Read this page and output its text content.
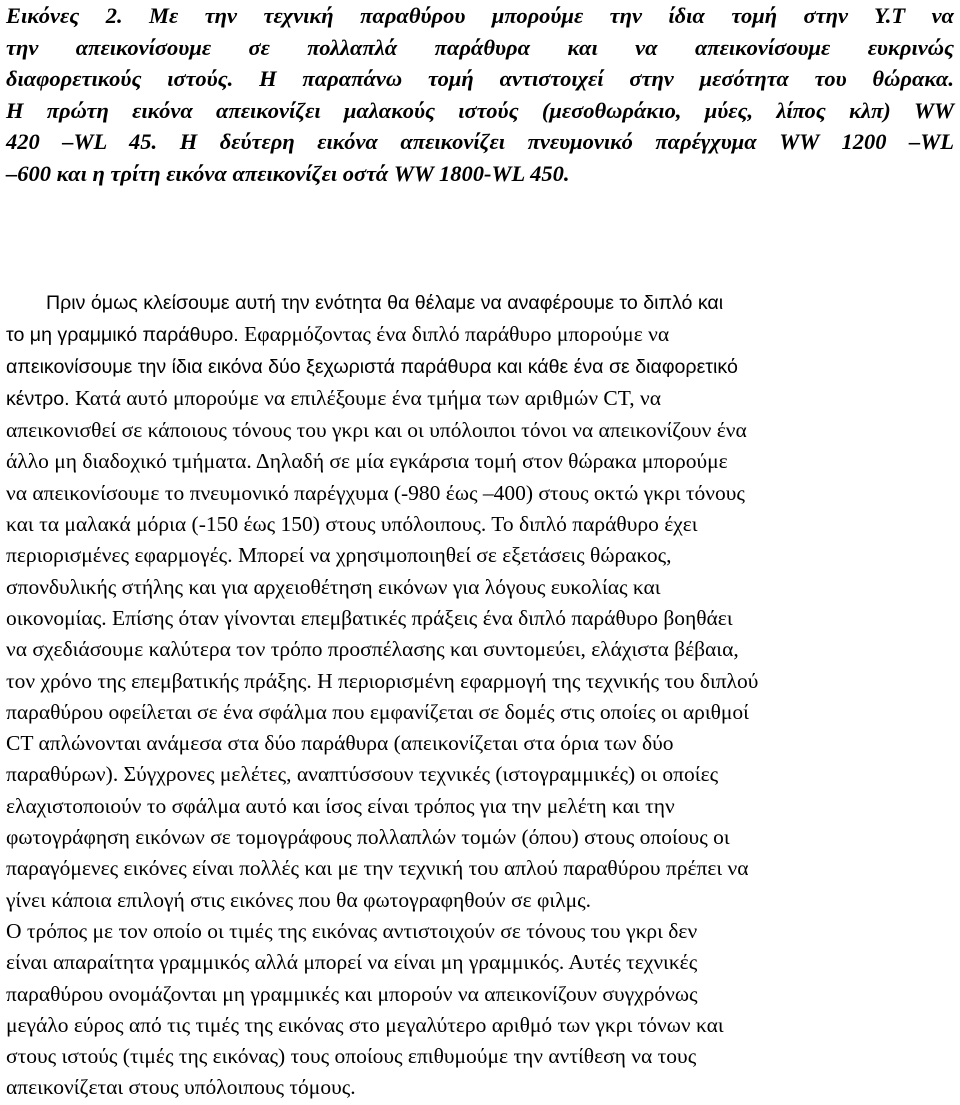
Εικόνες 2. Με την τεχνική παραθύρου μπορούμε την ίδια τομή στην Υ.Τ να
την απεικονίσουμε σε πολλαπλά παράθυρα και να απεικονίσουμε ευκρινώς
διαφορετικούς ιστούς. Η παραπάνω τομή αντιστοιχεί στην μεσότητα του θώρακα.
Η πρώτη εικόνα απεικονίζει μαλακούς ιστούς (μεσοθωράκιο, μύες, λίπος κλπ) WW
420 –WL 45. Η δεύτερη εικόνα απεικονίζει πνευμονικό παρέγχυμα WW 1200 –WL
–600 και η τρίτη εικόνα απεικονίζει οστά WW 1800-WL 450.

Πριν όμως κλείσουμε αυτή την ενότητα θα θέλαμε να αναφέρουμε το διπλό και
το μη γραμμικό παράθυρο. Εφαρμόζοντας ένα διπλό παράθυρο μπορούμε να
απεικονίσουμε την ίδια εικόνα δύο ξεχωριστά παράθυρα και κάθε ένα σε διαφορετικό
κέντρο. Κατά αυτό μπορούμε να επιλέξουμε ένα τμήμα των αριθμών CT, να
απεικονισθεί σε κάποιους τόνους του γκρι και οι υπόλοιποι τόνοι να απεικονίζουν ένα
άλλο μη διαδοχικό τμήματα. Δηλαδή σε μία εγκάρσια τομή στον θώρακα μπορούμε
να απεικονίσουμε το πνευμονικό παρέγχυμα (-980 έως –400) στους οκτώ γκρι τόνους
και τα μαλακά μόρια (-150 έως 150) στους υπόλοιπους. Το διπλό παράθυρο έχει
περιορισμένες εφαρμογές. Μπορεί να χρησιμοποιηθεί σε εξετάσεις θώρακος,
σπονδυλικής στήλης και για αρχειοθέτηση εικόνων για λόγους ευκολίας και
οικονομίας. Επίσης όταν γίνονται επεμβατικές πράξεις ένα διπλό παράθυρο βοηθάει
να σχεδιάσουμε καλύτερα τον τρόπο προσπέλασης και συντομεύει, ελάχιστα βέβαια,
τον χρόνο της επεμβατικής πράξης. Η περιορισμένη εφαρμογή της τεχνικής του διπλού
παραθύρου οφείλεται σε ένα σφάλμα που εμφανίζεται σε δομές στις οποίες οι αριθμοί
CT απλώνονται ανάμεσα στα δύο παράθυρα (απεικονίζεται στα όρια των δύο
παραθύρων). Σύγχρονες μελέτες, αναπτύσσουν τεχνικές (ιστογραμμικές) οι οποίες
ελαχιστοποιούν το σφάλμα αυτό και ίσος είναι τρόπος για την μελέτη και την
φωτογράφηση εικόνων σε τομογράφους πολλαπλών τομών (όπου) στους οποίους οι
παραγόμενες εικόνες είναι πολλές και με την τεχνική του απλού παραθύρου πρέπει να
γίνει κάποια επιλογή στις εικόνες που θα φωτογραφηθούν σε φιλμς.
Ο τρόπος με τον οποίο οι τιμές της εικόνας αντιστοιχούν σε τόνους του γκρι δεν
είναι απαραίτητα γραμμικός αλλά μπορεί να είναι μη γραμμικός. Αυτές τεχνικές
παραθύρου ονομάζονται μη γραμμικές και μπορούν να απεικονίζουν συγχρόνως
μεγάλο εύρος από τις τιμές της εικόνας στο μεγαλύτερο αριθμό των γκρι τόνων και
στους ιστούς (τιμές της εικόνας) τους οποίους επιθυμούμε την αντίθεση να τους
απεικονίζεται στους υπόλοιπους τόμους.
